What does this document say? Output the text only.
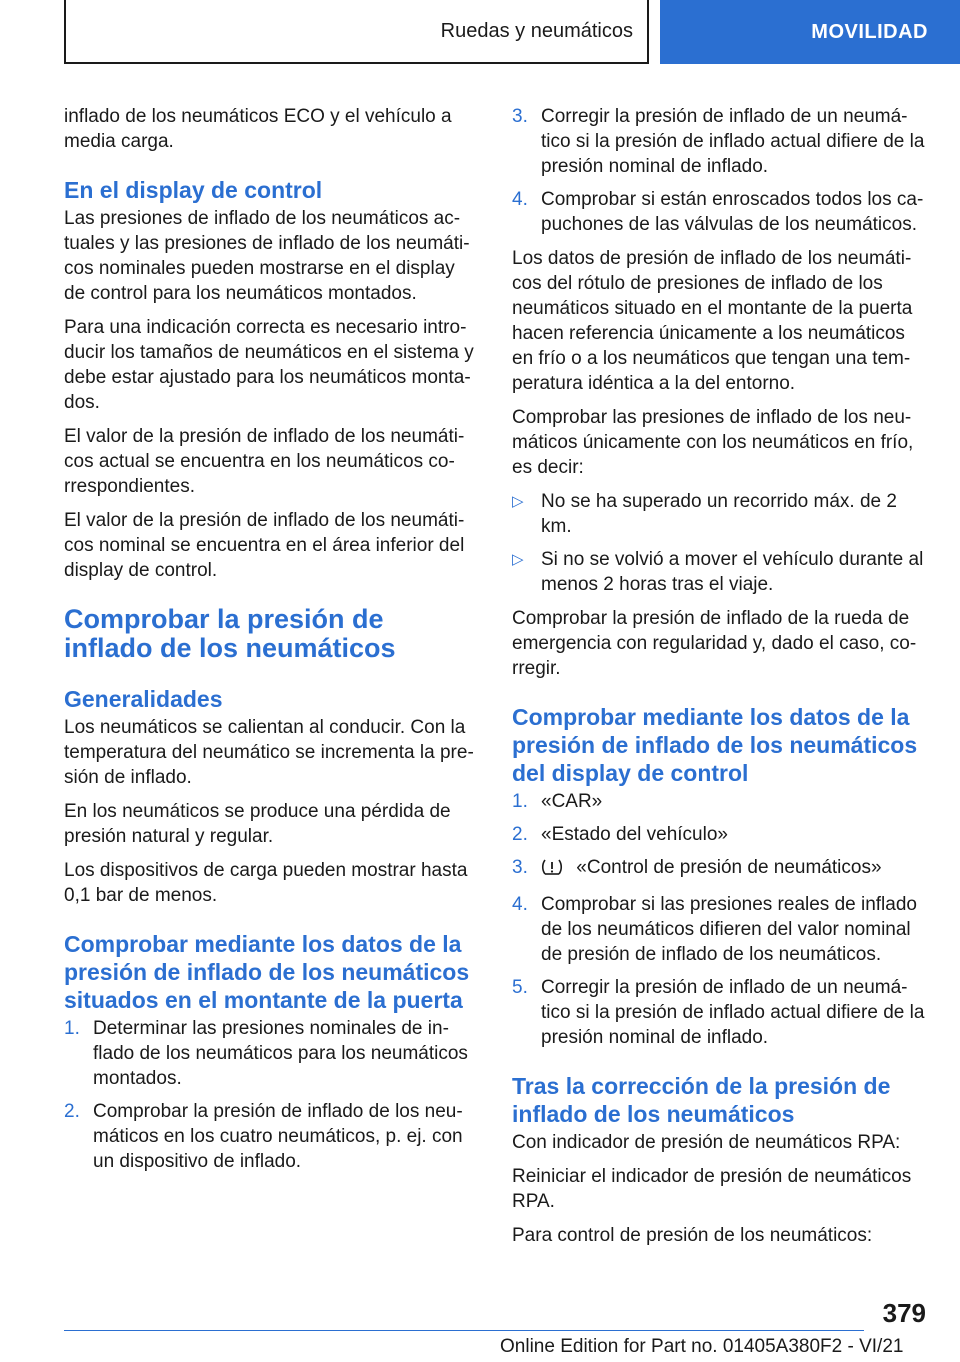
Ruedas y neumáticos	MOVILIDAD

inflado de los neumáticos ECO y el vehículo a media carga.

En el display de control

Las presiones de inflado de los neumáticos actuales y las presiones de inflado de los neumáticos nominales pueden mostrarse en el display de control para los neumáticos montados.

Para una indicación correcta es necesario introducir los tamaños de neumáticos en el sistema y debe estar ajustado para los neumáticos montados.

El valor de la presión de inflado de los neumáticos actual se encuentra en los neumáticos correspondientes.

El valor de la presión de inflado de los neumáticos nominal se encuentra en el área inferior del display de control.

Comprobar la presión de inflado de los neumáticos
Generalidades

Los neumáticos se calientan al conducir. Con la temperatura del neumático se incrementa la presión de inflado.

En los neumáticos se produce una pérdida de presión natural y regular.

Los dispositivos de carga pueden mostrar hasta 0,1 bar de menos.

Comprobar mediante los datos de la presión de inflado de los neumáticos situados en el montante de la puerta
1. Determinar las presiones nominales de inflado de los neumáticos para los neumáticos montados.
2. Comprobar la presión de inflado de los neumáticos en los cuatro neumáticos, p. ej. con un dispositivo de inflado.
3. Corregir la presión de inflado de un neumático si la presión de inflado actual difiere de la presión nominal de inflado.
4. Comprobar si están enroscados todos los capuchones de las válvulas de los neumáticos.

Los datos de presión de inflado de los neumáticos del rótulo de presiones de inflado de los neumáticos situado en el montante de la puerta hacen referencia únicamente a los neumáticos en frío o a los neumáticos que tengan una temperatura idéntica a la del entorno.

Comprobar las presiones de inflado de los neumáticos únicamente con los neumáticos en frío, es decir:

▷ No se ha superado un recorrido máx. de 2 km.
▷ Si no se volvió a mover el vehículo durante al menos 2 horas tras el viaje.

Comprobar la presión de inflado de la rueda de emergencia con regularidad y, dado el caso, corregir.

Comprobar mediante los datos de la presión de inflado de los neumáticos del display de control
1. «CAR»
2. «Estado del vehículo»
3.	«Control de presión de neumáticos»
4. Comprobar si las presiones reales de inflado de los neumáticos difieren del valor nominal de presión de inflado de los neumáticos.
5. Corregir la presión de inflado de un neumático si la presión de inflado actual difiere de la presión nominal de inflado.
Tras la corrección de la presión de inflado de los neumáticos

Con indicador de presión de neumáticos RPA:

Reiniciar el indicador de presión de neumáticos RPA.

Para control de presión de los neumáticos:

379
Online Edition for Part no. 01405A380F2 - VI/21
